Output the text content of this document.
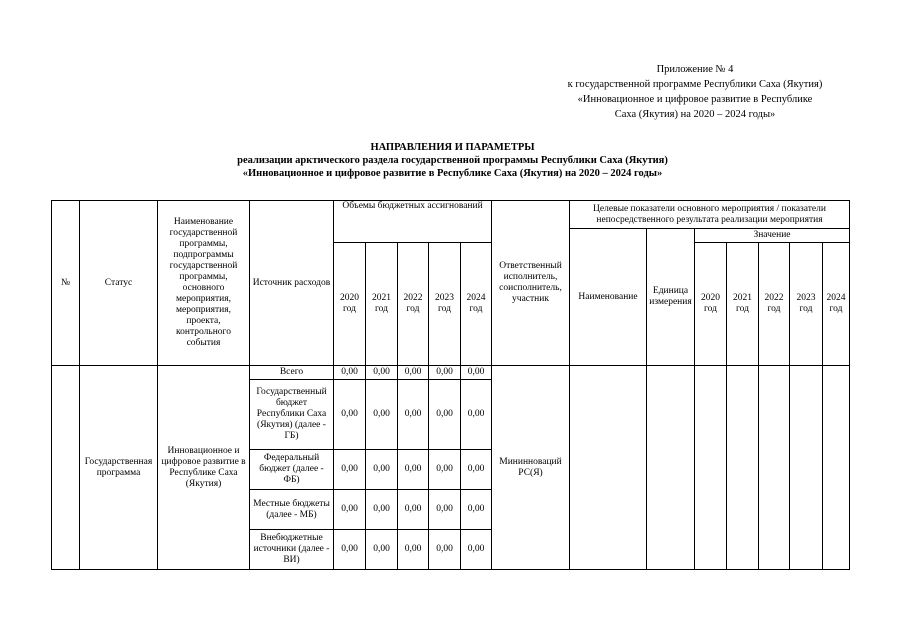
Приложение № 4
к государственной программе Республики Саха (Якутия)
«Инновационное и цифровое развитие в Республике
Саха (Якутия) на 2020 – 2024 годы»
НАПРАВЛЕНИЯ И ПАРАМЕТРЫ
реализации арктического раздела государственной программы Республики Саха (Якутия)
«Инновационное и цифровое развитие в Республике Саха (Якутия) на 2020 – 2024 годы»
№	Статус	Наименование государственной программы, подпрограммы государственной программы, основного мероприятия, мероприятия, проекта, контрольного события	Источник расходов	Объемы бюджетных ассигнований					Ответственный исполнитель, соисполнитель, участник	Целевые показатели основного мероприятия / показатели непосредственного результата реализации мероприятия						
										Наименование	Единица измерения	Значение				
				2020 год	2021 год	2022 год	2023 год	2024 год				2020 год	2021 год	2022 год	2023 год	2024 год

	Государственная программа	Инновационное и цифровое развитие в Республике Саха (Якутия)	Всего	0,00	0,00	0,00	0,00	0,00	Мининноваций РС(Я)							
			Государственный бюджет Республики Саха (Якутия) (далее - ГБ)	0,00	0,00	0,00	0,00	0,00								
			Федеральный бюджет (далее - ФБ)	0,00	0,00	0,00	0,00	0,00								
			Местные бюджеты (далее - МБ)	0,00	0,00	0,00	0,00	0,00								
			Внебюджетные источники (далее - ВИ)	0,00	0,00	0,00	0,00	0,00								
